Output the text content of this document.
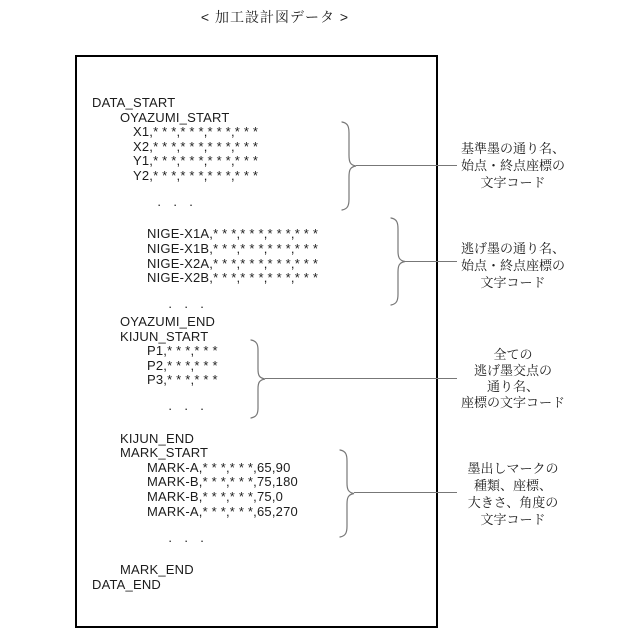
< 加工設計図データ >
DATA_START
OYAZUMI_START
X1,* * *,* * *,* * *,* * *
X2,* * *,* * *,* * *,* * *
Y1,* * *,* * *,* * *,* * *
Y2,* * *,* * *,* * *,* * *
· · ·
NIGE-X1A,* * *,* * *,* * *,* * *
NIGE-X1B,* * *,* * *,* * *,* * *
NIGE-X2A,* * *,* * *,* * *,* * *
NIGE-X2B,* * *,* * *,* * *,* * *
· · ·
OYAZUMI_END
KIJUN_START
P1,* * *,* * *
P2,* * *,* * *
P3,* * *,* * *
· · ·
KIJUN_END
MARK_START
MARK-A,* * *,* * *,65,90
MARK-B,* * *,* * *,75,180
MARK-B,* * *,* * *,75,0
MARK-A,* * *,* * *,65,270
· · ·
MARK_END
DATA_END
基準墨の通り名、
始点・終点座標の
文字コード
逃げ墨の通り名、
始点・終点座標の
文字コード
全ての
逃げ墨交点の
通り名、
座標の文字コード
墨出しマークの
種類、座標、
大きさ、角度の
文字コード
